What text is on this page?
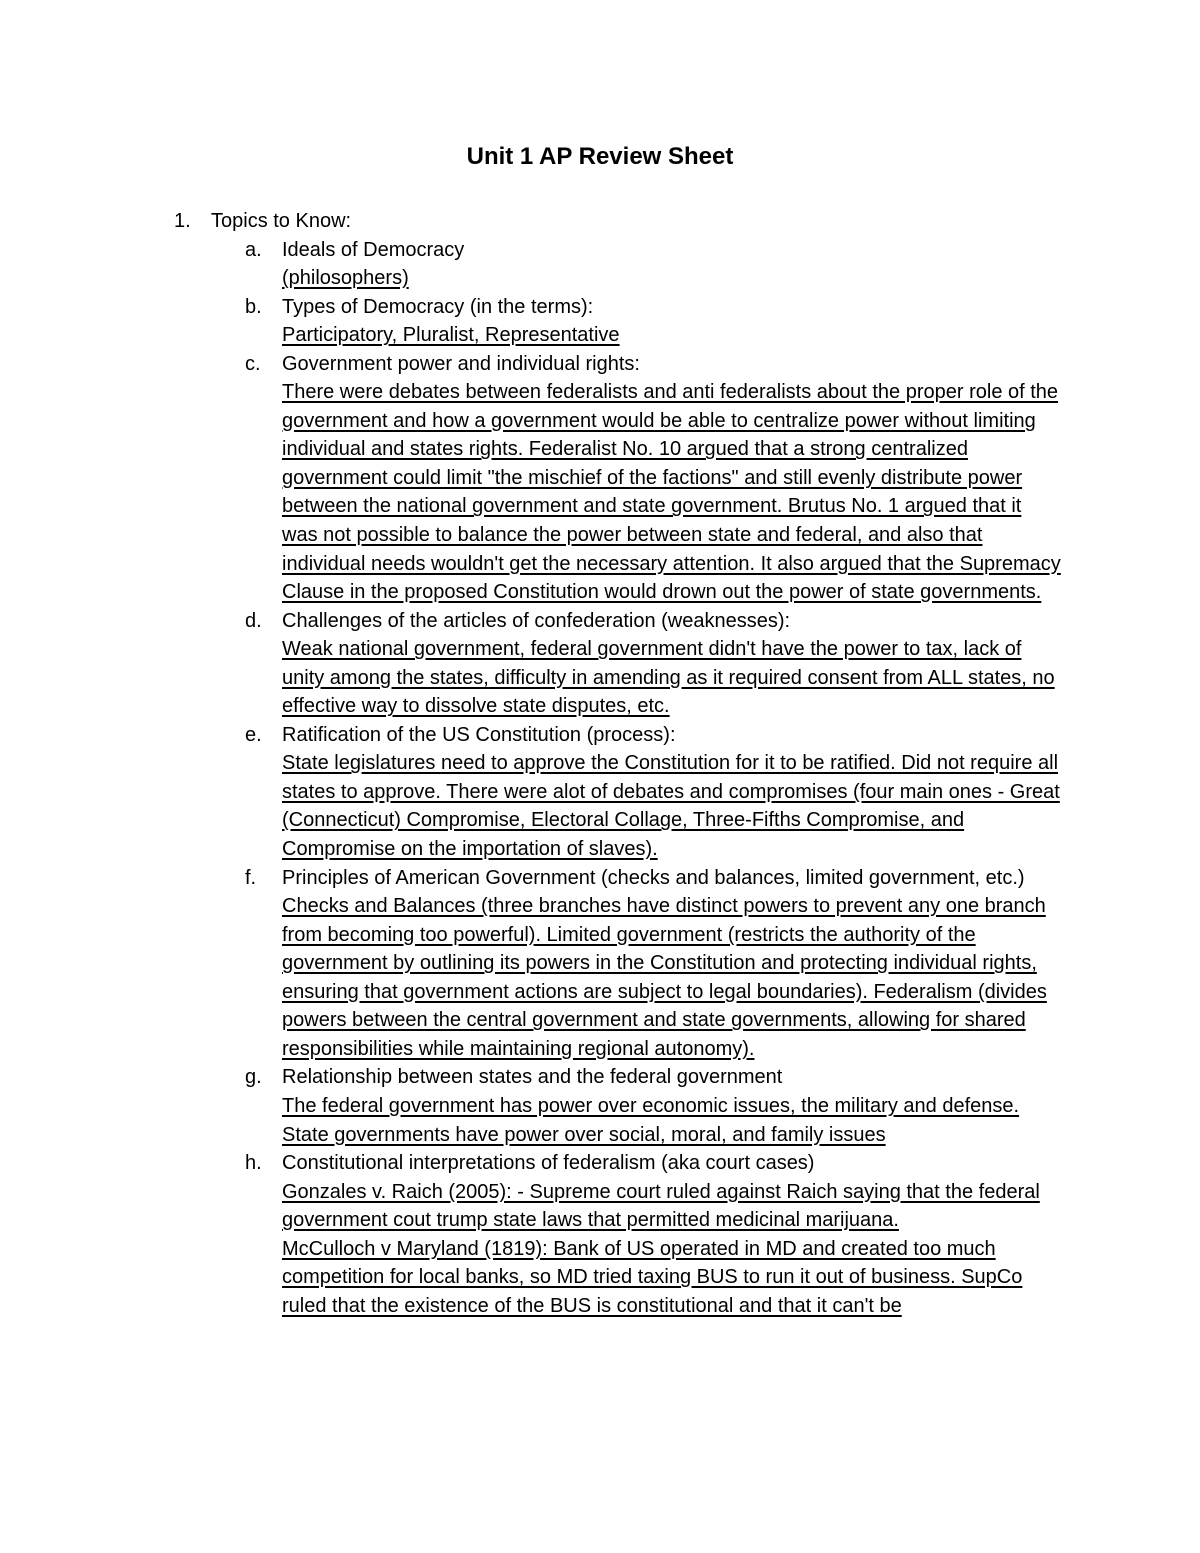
Unit 1 AP Review Sheet
1.	Topics to Know:
a.	Ideals of Democracy
(philosophers)
b.	Types of Democracy (in the terms):
Participatory, Pluralist, Representative
c.	Government power and individual rights:
There were debates between federalists and anti federalists about the proper role of the government and how a government would be able to centralize power without limiting individual and states rights. Federalist No. 10 argued that a strong centralized government could limit "the mischief of the factions" and still evenly distribute power between the national government and state government. Brutus No. 1 argued that it was not possible to balance the power between state and federal, and also that individual needs wouldn't get the necessary attention. It also argued that the Supremacy Clause in the proposed Constitution would drown out the power of state governments.
d.	Challenges of the articles of confederation (weaknesses):
Weak national government, federal government didn't have the power to tax, lack of unity among the states, difficulty in amending as it required consent from ALL states, no effective way to dissolve state disputes, etc.
e.	Ratification of the US Constitution (process):
State legislatures need to approve the Constitution for it to be ratified. Did not require all states to approve. There were alot of debates and compromises (four main ones - Great (Connecticut) Compromise, Electoral Collage, Three-Fifths Compromise, and Compromise on the importation of slaves).
f.	Principles of American Government (checks and balances, limited government, etc.)
Checks and Balances (three branches have distinct powers to prevent any one branch from becoming too powerful). Limited government (restricts the authority of the government by outlining its powers in the Constitution and protecting individual rights, ensuring that government actions are subject to legal boundaries). Federalism (divides powers between the central government and state governments, allowing for shared responsibilities while maintaining regional autonomy).
g.	Relationship between states and the federal government
The federal government has power over economic issues, the military and defense. State governments have power over social, moral, and family issues
h.	Constitutional interpretations of federalism (aka court cases)
Gonzales v. Raich (2005): - Supreme court ruled against Raich saying that the federal government cout trump state laws that permitted medicinal marijuana.
McCulloch v Maryland (1819): Bank of US operated in MD and created too much competition for local banks, so MD tried taxing BUS to run it out of business. SupCo ruled that the existence of the BUS is constitutional and that it can't be
